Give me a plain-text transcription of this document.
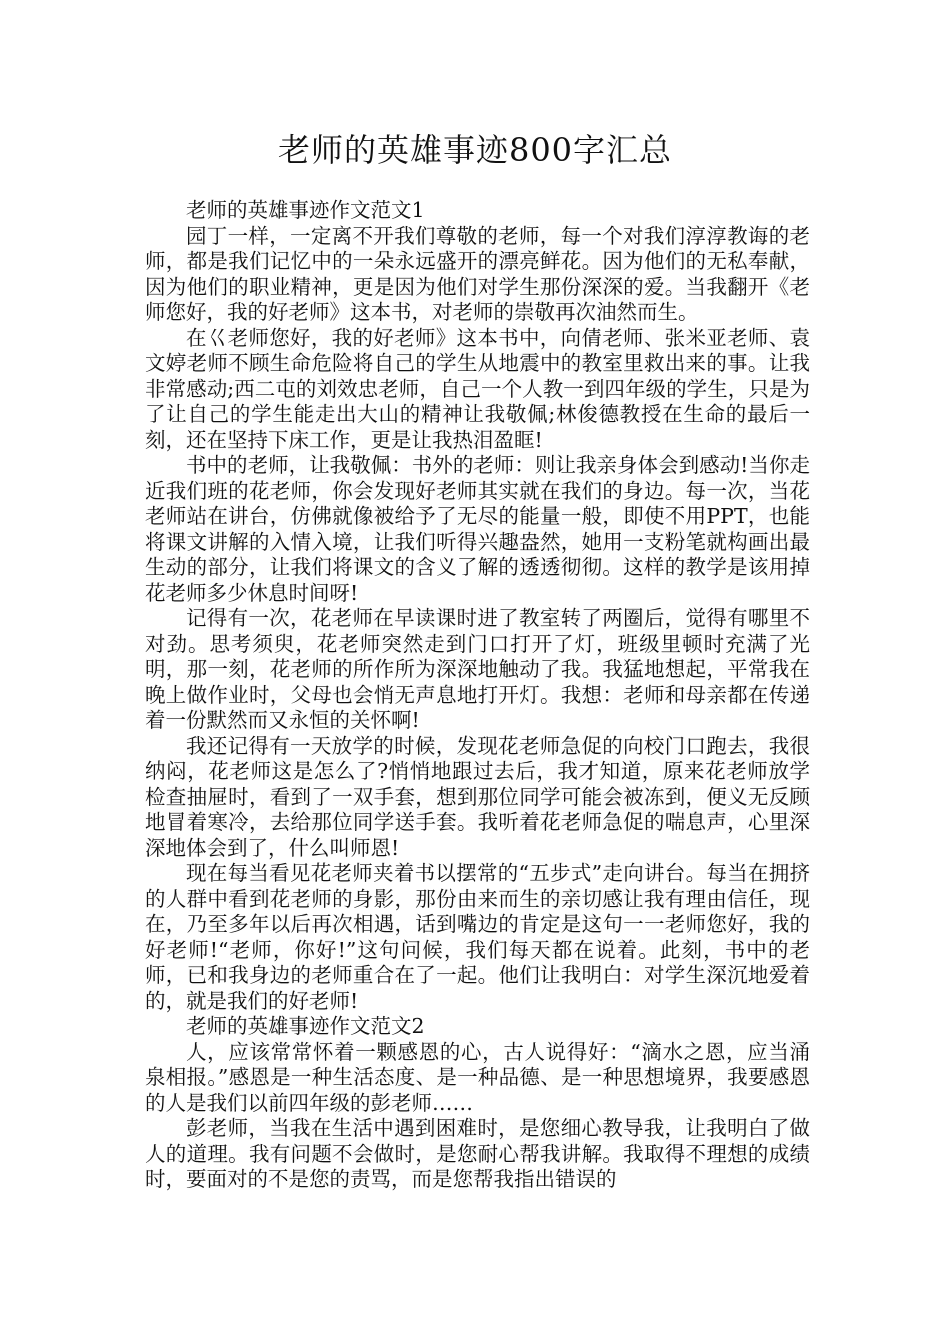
老师的英雄事迹800字汇总
老师的英雄事迹作文范文1

园丁一样，一定离不开我们尊敬的老师，每一个对我们淳淳教诲的老师，都是我们记忆中的一朵永远盛开的漂亮鲜花。因为他们的无私奉献，因为他们的职业精神，更是因为他们对学生那份深深的爱。当我翻开《老师您好，我的好老师》这本书，对老师的崇敬再次油然而生。

在巜老师您好，我的好老师》这本书中，向倩老师、张米亚老师、袁文婷老师不顾生命危险将自己的学生从地震中的教室里救出来的事。让我非常感动;西二屯的刘效忠老师，自己一个人教一到四年级的学生，只是为了让自己的学生能走出大山的精神让我敬佩;林俊德教授在生命的最后一刻，还在坚持下床工作，更是让我热泪盈眶!

书中的老师，让我敬佩：书外的老师：则让我亲身体会到感动!当你走近我们班的花老师，你会发现好老师其实就在我们的身边。每一次，当花老师站在讲台，仿佛就像被给予了无尽的能量一般，即使不用PPT，也能将课文讲解的入情入境，让我们听得兴趣盎然，她用一支粉笔就构画出最生动的部分，让我们将课文的含义了解的透透彻彻。这样的教学是该用掉花老师多少休息时间呀!

记得有一次，花老师在早读课时进了教室转了两圈后，觉得有哪里不对劲。思考须臾，花老师突然走到门口打开了灯，班级里顿时充满了光明，那一刻，花老师的所作所为深深地触动了我。我猛地想起，平常我在晚上做作业时，父母也会悄无声息地打开灯。我想：老师和母亲都在传递着一份默然而又永恒的关怀啊!

我还记得有一天放学的时候，发现花老师急促的向校门口跑去，我很纳闷，花老师这是怎么了?悄悄地跟过去后，我才知道，原来花老师放学检查抽屉时，看到了一双手套，想到那位同学可能会被冻到，便义无反顾地冒着寒冷，去给那位同学送手套。我听着花老师急促的喘息声，心里深深地体会到了，什么叫师恩!

现在每当看见花老师夹着书以摆常的“五步式”走向讲台。每当在拥挤的人群中看到花老师的身影，那份由来而生的亲切感让我有理由信任，现在，乃至多年以后再次相遇，话到嘴边的肯定是这句一一老师您好，我的好老师!“老师，你好!”这句问候，我们每天都在说着。此刻，书中的老师，已和我身边的老师重合在了一起。他们让我明白：对学生深沉地爱着的，就是我们的好老师!

老师的英雄事迹作文范文2

人，应该常常怀着一颗感恩的心，古人说得好：“滴水之恩，应当涌泉相报。”感恩是一种生活态度、是一种品德、是一种思想境界，我要感恩的人是我们以前四年级的彭老师……

彭老师，当我在生活中遇到困难时，是您细心教导我，让我明白了做人的道理。我有问题不会做时，是您耐心帮我讲解。我取得不理想的成绩时，要面对的不是您的责骂，而是您帮我指出错误的
